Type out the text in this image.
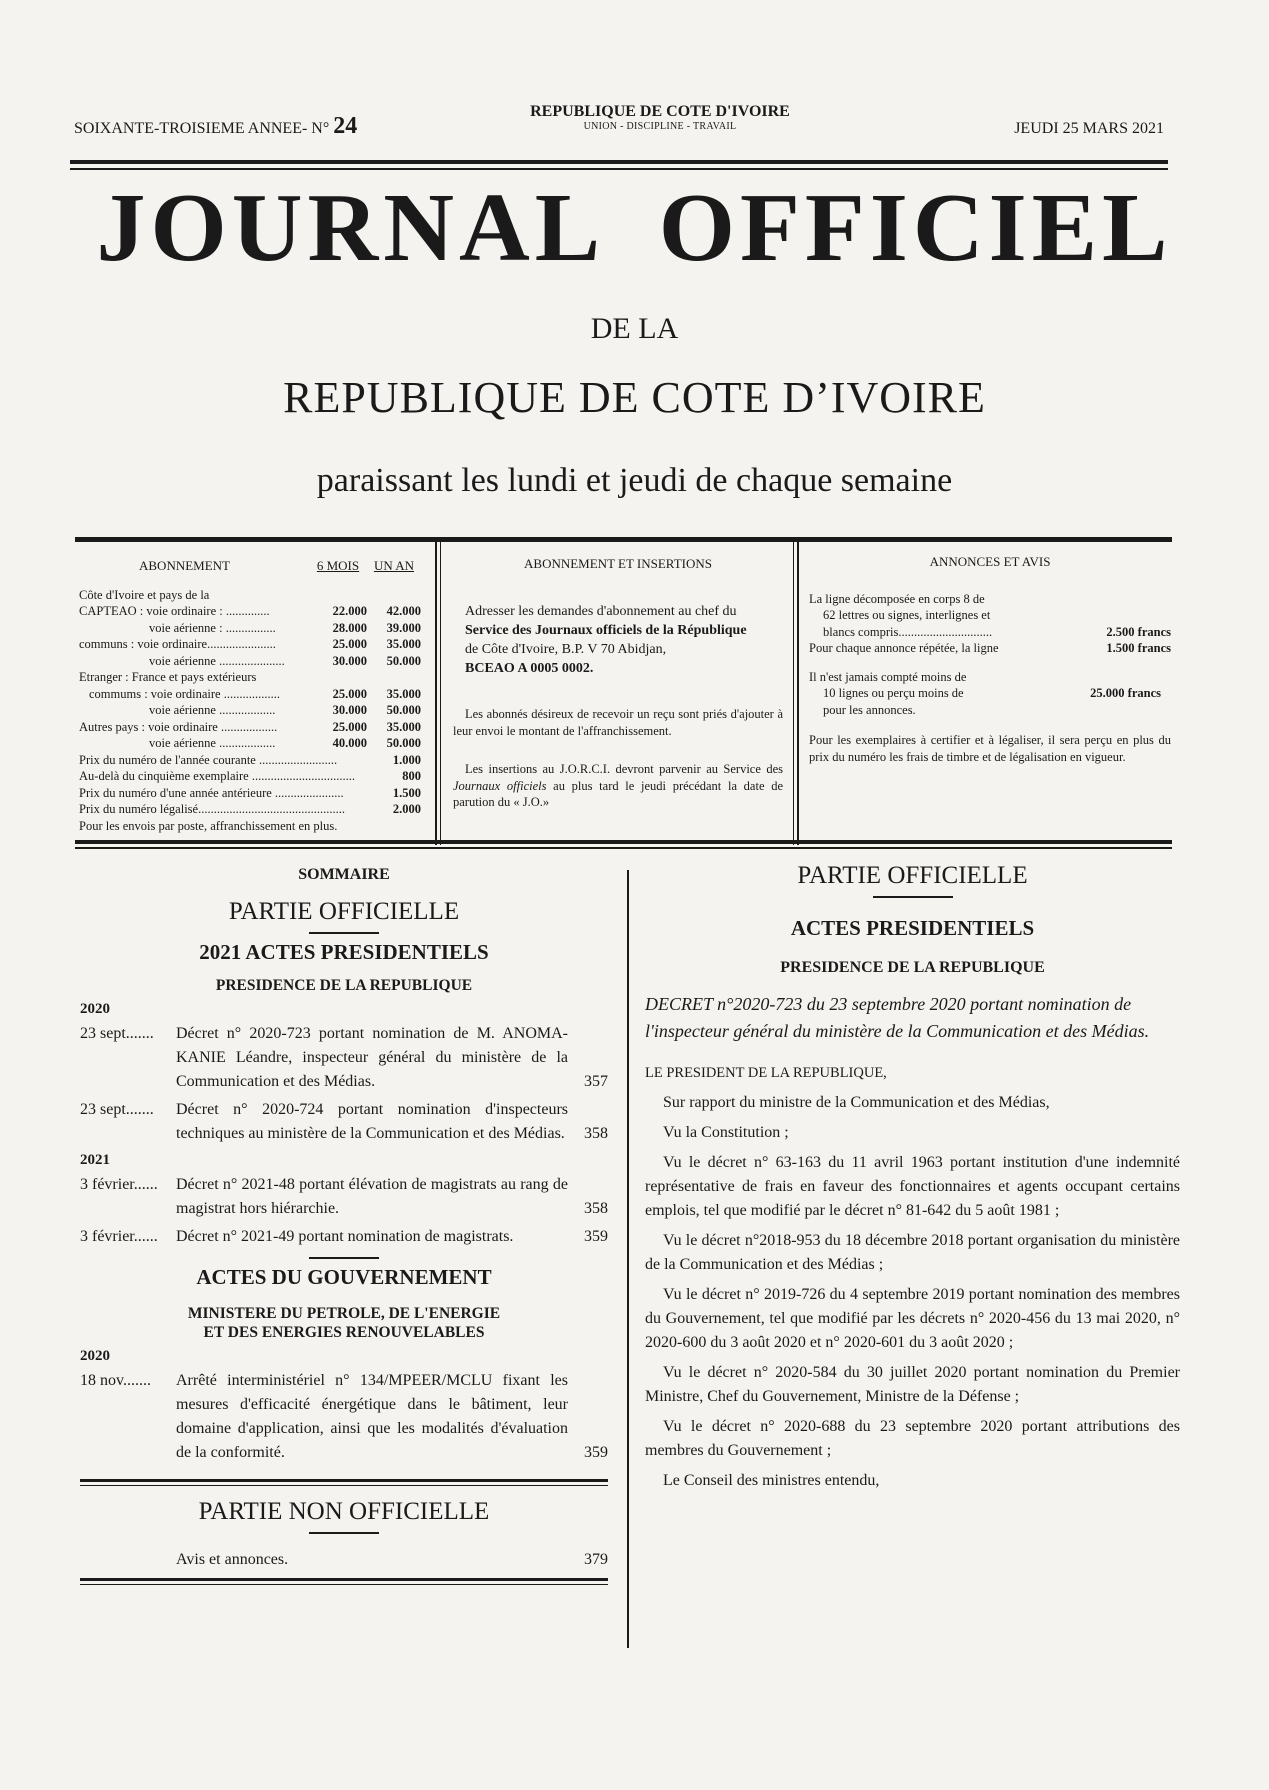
SOIXANTE-TROISIEME ANNEE- N° 24
REPUBLIQUE DE COTE D'IVOIRE
UNION - DISCIPLINE - TRAVAIL	JEUDI 25 MARS 2021
JOURNAL  OFFICIEL
DE LA
REPUBLIQUE DE COTE D’IVOIRE
paraissant les lundi et jeudi de chaque semaine
ABONNEMENT	6 MOIS	UN AN
Côte d'Ivoire et pays de la
CAPTEAO : voie ordinaire : ..............	22.000	42.000
voie aérienne : ................	28.000	39.000
communs : voie ordinaire......................	25.000	35.000
voie aérienne .....................	30.000	50.000
Etranger : France et pays extérieurs
commums : voie ordinaire ..................	25.000	35.000
voie aérienne ..................	30.000	50.000
Autres pays : voie ordinaire ..................	25.000	35.000
voie aérienne ..................	40.000	50.000
Prix du numéro de l'année courante .........................	1.000
Au-delà du cinquième exemplaire .................................	800
Prix du numéro d'une année antérieure ......................	1.500
Prix du numéro légalisé...............................................	2.000
Pour les envois par poste, affranchissement en plus.
ABONNEMENT ET INSERTIONS
Adresser les demandes d'abonnement au chef du
Service des Journaux officiels de la République
de Côte d'Ivoire, B.P. V 70 Abidjan,
BCEAO A 0005 0002.
Les abonnés désireux de recevoir un reçu sont priés d'ajouter à leur envoi le montant de l'affranchissement.
Les insertions au J.O.R.C.I. devront parvenir au Service des Journaux officiels au plus tard le jeudi précédant la date de parution du « J.O.»
ANNONCES ET AVIS
La ligne décomposée en corps 8 de
62 lettres ou signes, interlignes et
blancs compris..............................	2.500 francs
Pour chaque annonce répétée, la ligne	1.500 francs
Il n'est jamais compté moins de
10 lignes ou perçu moins de	25.000 francs
pour les annonces.
Pour les exemplaires à certifier et à légaliser, il sera perçu en plus du prix du numéro les frais de timbre et de légalisation en vigueur.
SOMMAIRE
PARTIE OFFICIELLE
2021 ACTES PRESIDENTIELS
PRESIDENCE DE LA REPUBLIQUE
2020
23 sept.......	Décret n° 2020-723 portant nomination de M. ANOMA-KANIE Léandre, inspecteur général du ministère de la Communication et des Médias.	357
23 sept.......	Décret n° 2020-724 portant nomination d'inspecteurs techniques au ministère de la Communication et des Médias.	358
2021
3 février......	Décret n° 2021-48 portant élévation de magistrats au rang de magistrat hors hiérarchie.	358
3 février......	Décret n° 2021-49 portant nomination de magistrats.	359
ACTES DU GOUVERNEMENT
MINISTERE DU PETROLE, DE L'ENERGIE
ET DES ENERGIES RENOUVELABLES
2020
18 nov.......	Arrêté interministériel n° 134/MPEER/MCLU fixant les mesures d'efficacité énergétique dans le bâtiment, leur domaine d'application, ainsi que les modalités d'évaluation de la conformité.	359
PARTIE NON OFFICIELLE
Avis et annonces.	379
PARTIE OFFICIELLE
ACTES PRESIDENTIELS
PRESIDENCE DE LA REPUBLIQUE
DECRET n°2020-723 du 23 septembre 2020 portant nomination de l'inspecteur général du ministère de la Communication et des Médias.
LE PRESIDENT DE LA REPUBLIQUE,
Sur rapport du ministre de la Communication et des Médias,
Vu la Constitution ;
Vu le décret n° 63-163 du 11 avril 1963 portant institution d'une indemnité représentative de frais en faveur des fonctionnaires et agents occupant certains emplois, tel que modifié par le décret n° 81-642 du 5 août 1981 ;
Vu le décret n°2018-953 du 18 décembre 2018 portant organisation du ministère de la Communication et des Médias ;
Vu le décret n° 2019-726 du 4 septembre 2019 portant nomination des membres du Gouvernement, tel que modifié par les décrets n° 2020-456 du 13 mai 2020, n° 2020-600 du 3 août 2020 et n° 2020-601 du 3 août 2020 ;
Vu le décret n° 2020-584 du 30 juillet 2020 portant nomination du Premier Ministre, Chef du Gouvernement, Ministre de la Défense ;
Vu le décret n° 2020-688 du 23 septembre 2020 portant attributions des membres du Gouvernement ;
Le Conseil des ministres entendu,
